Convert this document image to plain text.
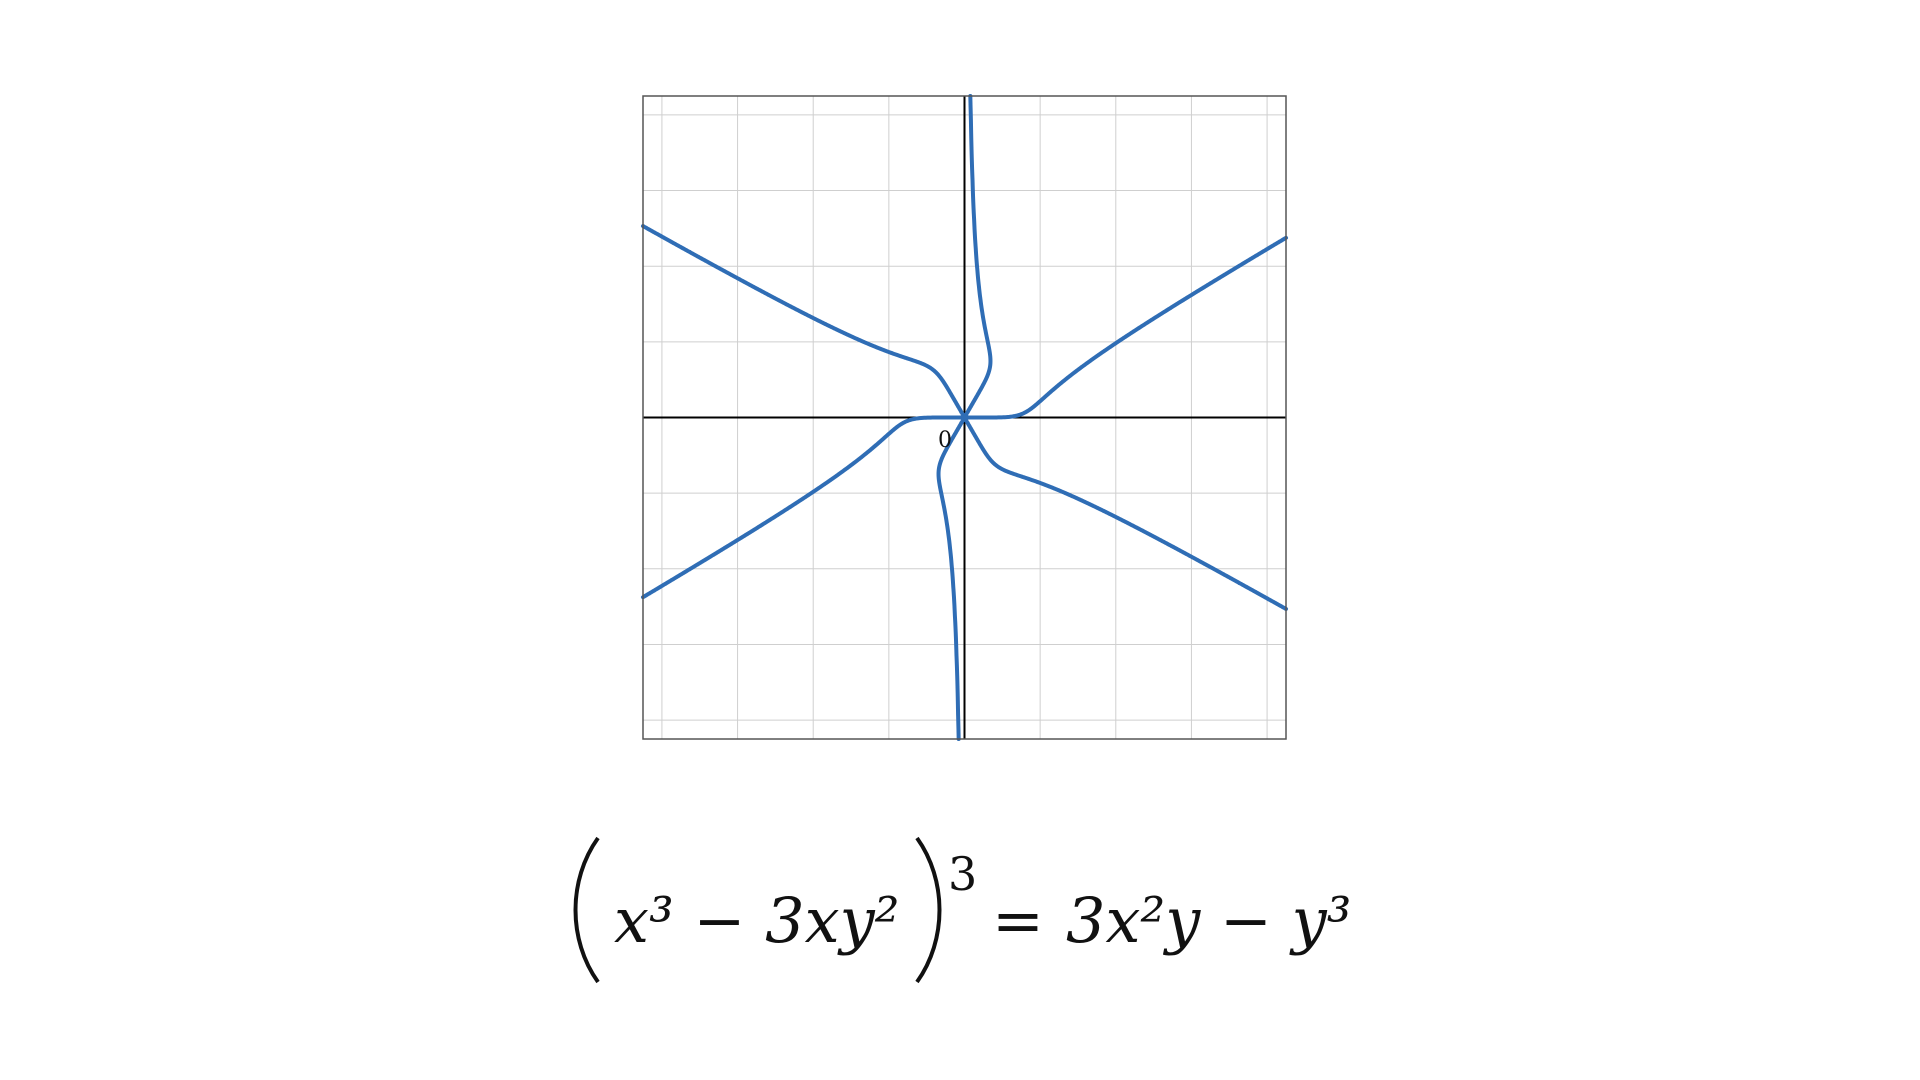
0
x³ − 3xy²
3
= 3x²y − y³
